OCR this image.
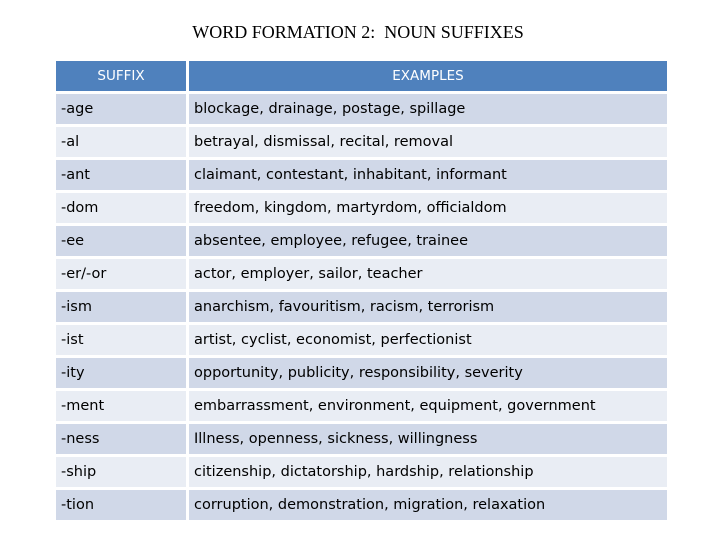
WORD FORMATION 2:  NOUN SUFFIXES
SUFFIX	EXAMPLES
-age	blockage, drainage, postage, spillage
-al	betrayal, dismissal, recital, removal
-ant	claimant, contestant, inhabitant, informant
-dom	freedom, kingdom, martyrdom, officialdom
-ee	absentee, employee, refugee, trainee
-er/-or	actor, employer, sailor, teacher
-ism	anarchism, favouritism, racism, terrorism
-ist	artist, cyclist, economist, perfectionist
-ity	opportunity, publicity, responsibility, severity
-ment	embarrassment, environment, equipment, government
-ness	Illness, openness, sickness, willingness
-ship	citizenship, dictatorship, hardship, relationship
-tion	corruption, demonstration, migration, relaxation
